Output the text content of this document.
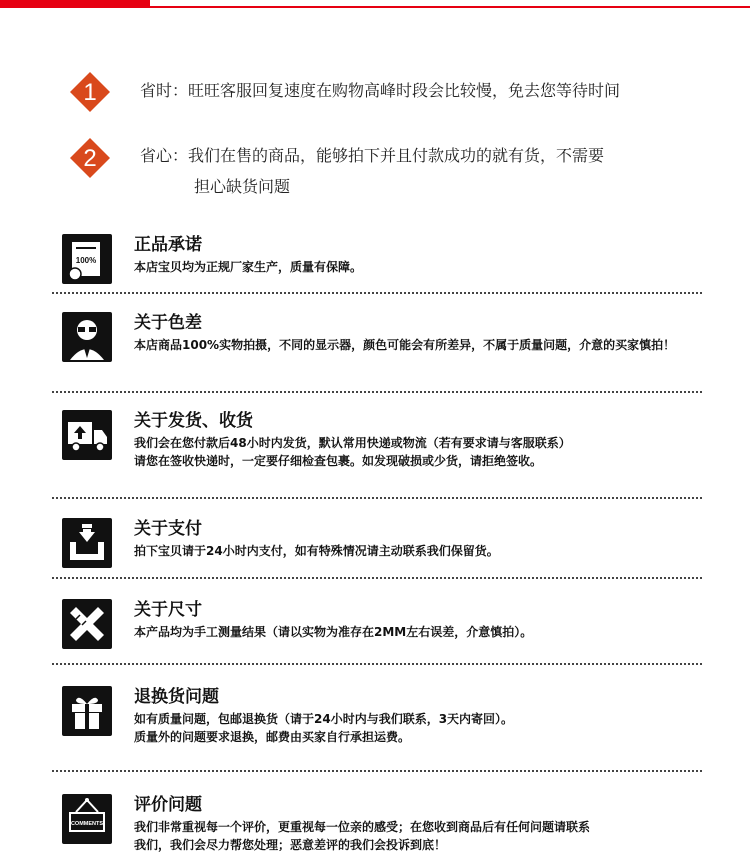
1	省时：旺旺客服回复速度在购物高峰时段会比较慢，免去您等待时间
2	省心：我们在售的商品，能够拍下并且付款成功的就有货，不需要
担心缺货问题
100%
正品承诺
本店宝贝均为正规厂家生产，质量有保障。
关于色差
本店商品100%实物拍摄，不同的显示器，颜色可能会有所差异，不属于质量问题，介意的买家慎拍！
关于发货、收货
我们会在您付款后48小时内发货，默认常用快递或物流（若有要求请与客服联系）
请您在签收快递时，一定要仔细检查包裹。如发现破损或少货，请拒绝签收。
关于支付
拍下宝贝请于24小时内支付，如有特殊情况请主动联系我们保留货。
关于尺寸
本产品均为手工测量结果（请以实物为准存在2MM左右误差，介意慎拍）。
退换货问题
如有质量问题，包邮退换货（请于24小时内与我们联系，3天内寄回）。
质量外的问题要求退换，邮费由买家自行承担运费。
COMMENTS
评价问题
我们非常重视每一个评价，更重视每一位亲的感受；在您收到商品后有任何问题请联系
我们，我们会尽力帮您处理；恶意差评的我们会投诉到底！
